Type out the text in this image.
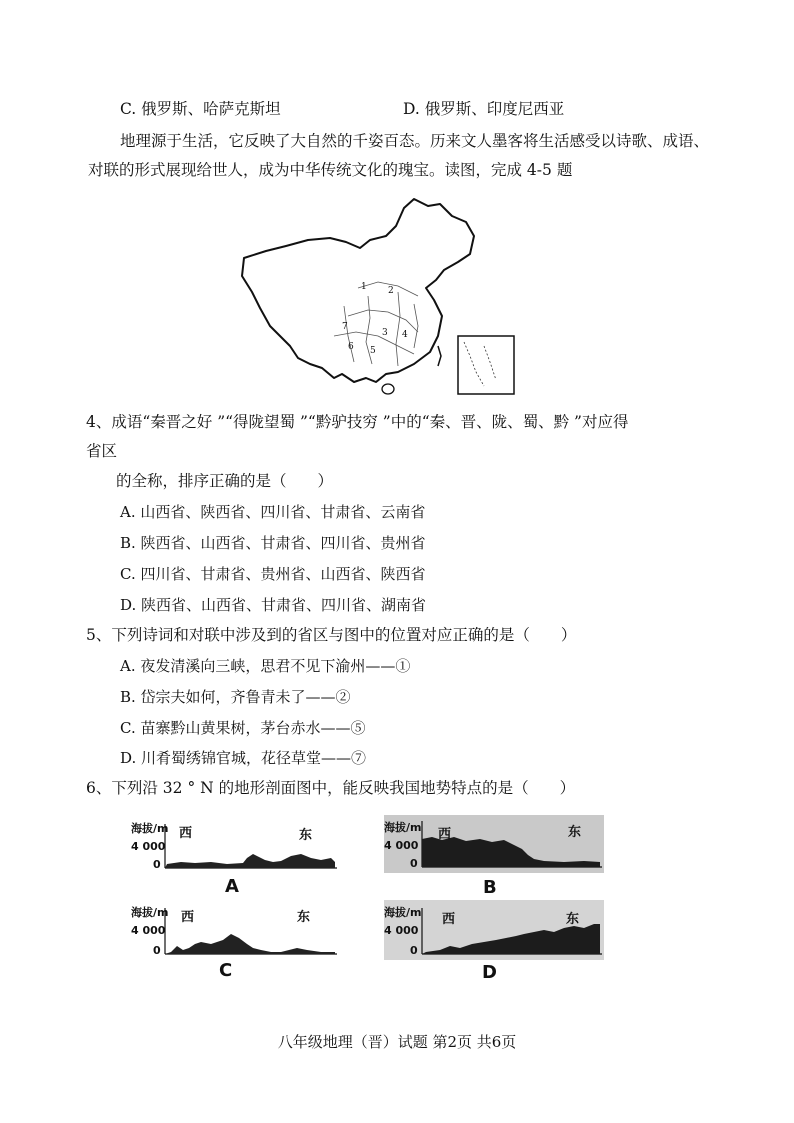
C. 俄罗斯、哈萨克斯坦	D. 俄罗斯、印度尼西亚
地理源于生活，它反映了大自然的千姿百态。历来文人墨客将生活感受以诗歌、成语、
对联的形式展现给世人，成为中华传统文化的瑰宝。读图，完成 4-5 题
1 2
3 4
5
6
7
4、成语“秦晋之好 ”“得陇望蜀 ”“黔驴技穷 ”中的“秦、晋、陇、蜀、黔 ”对应得
省区
的全称，排序正确的是（　　）
A. 山西省、陕西省、四川省、甘肃省、云南省
B. 陕西省、山西省、甘肃省、四川省、贵州省
C. 四川省、甘肃省、贵州省、山西省、陕西省
D. 陕西省、山西省、甘肃省、四川省、湖南省
5、下列诗词和对联中涉及到的省区与图中的位置对应正确的是（　　）
A. 夜发清溪向三峡，思君不见下渝州——①
B. 岱宗夫如何，齐鲁青未了——②
C. 苗寨黔山黄果树，茅台赤水——⑤
D. 川肴蜀绣锦官城，花径草堂——⑦
6、下列沿 32 ° N 的地形剖面图中，能反映我国地势特点的是（　　）
海拔/m
4 000
0
西	东
A
海拔/m
4 000
0
西	东
B
海拔/m
4 000
0
西	东
C
海拔/m
4 000
0
西	东
D
八年级地理（晋）试题 第2页 共6页
